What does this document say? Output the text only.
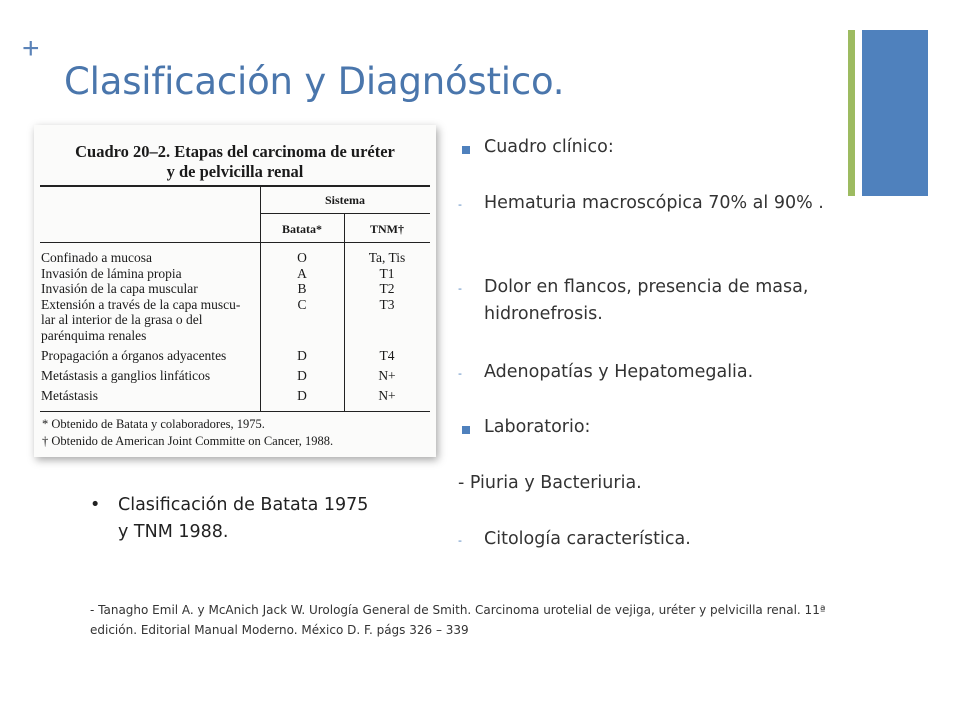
+
Clasificación y Diagnóstico.
Cuadro 20–2. Etapas del carcinoma de uréter
y de pelvicilla renal
Sistema
Batata*	TNM†
Confinado a mucosa	O	Ta, Tis
Invasión de lámina propia	A	T1
Invasión de la capa muscular	B	T2
Extensión a través de la capa muscu-	C	T3
lar al interior de la grasa o del
parénquima renales
Propagación a órganos adyacentes	D	T4
Metástasis a ganglios linfáticos	D	N+
Metástasis	D	N+
* Obtenido de Batata y colaboradores, 1975.
† Obtenido de American Joint Committe on Cancer, 1988.
Cuadro clínico:
- Hematuria macroscópica 70% al 90% .
- Dolor en flancos, presencia de masa, hidronefrosis.
- Adenopatías y Hepatomegalia.
Laboratorio:
- Piuria y Bacteriuria.
- Citología característica.
• Clasificación de Batata 1975 y TNM 1988.
- Tanagho Emil A. y McAnich Jack W. Urología General de Smith. Carcinoma urotelial de vejiga, uréter y pelvicilla renal. 11ª edición. Editorial Manual Moderno. México D. F. págs 326 – 339
